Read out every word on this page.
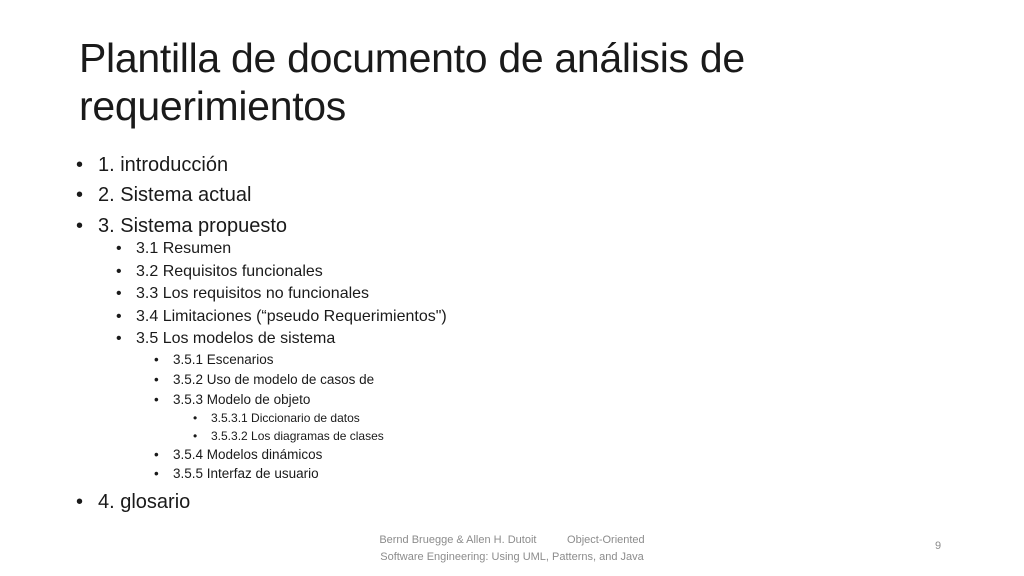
Plantilla de documento de análisis de
requerimientos
• 1. introducción
• 2. Sistema actual
• 3. Sistema propuesto
• 3.1 Resumen
• 3.2 Requisitos funcionales
• 3.3 Los requisitos no funcionales
• 3.4 Limitaciones (“pseudo Requerimientos")
• 3.5 Los modelos de sistema
• 3.5.1 Escenarios
• 3.5.2 Uso de modelo de casos de
• 3.5.3 Modelo de objeto
• 3.5.3.1 Diccionario de datos
• 3.5.3.2 Los diagramas de clases
• 3.5.4 Modelos dinámicos
• 3.5.5 Interfaz de usuario
• 4. glosario
Bernd Bruegge & Allen H. Dutoit          Object-Oriented
Software Engineering: Using UML, Patterns, and Java
9
